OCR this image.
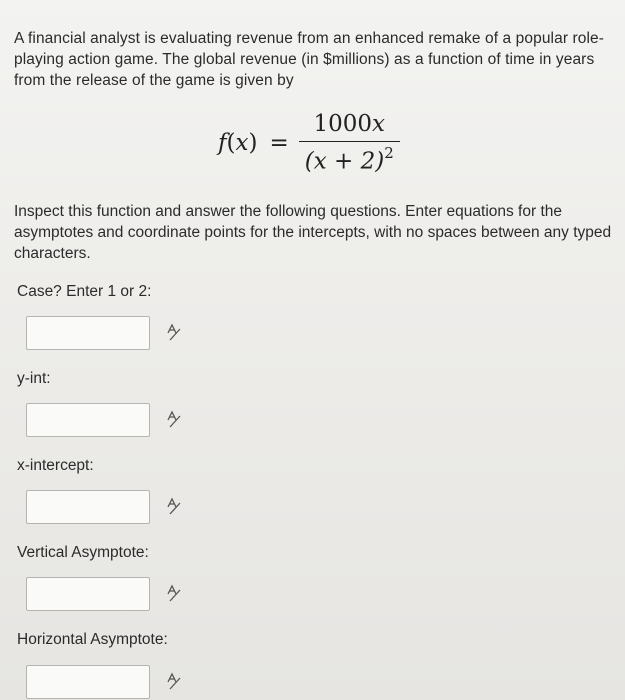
A financial analyst is evaluating revenue from an enhanced remake of a popular role-playing action game. The global revenue (in $millions) as a function of time in years from the release of the game is given by

$f(x) = \frac{1000x}{(x + 2)^2}$

Inspect this function and answer the following questions. Enter equations for the asymptotes and coordinate points for the intercepts, with no spaces between any typed characters.

Case? Enter 1 or 2:
y-int:
x-intercept:
Vertical Asymptote:
Horizontal Asymptote:
